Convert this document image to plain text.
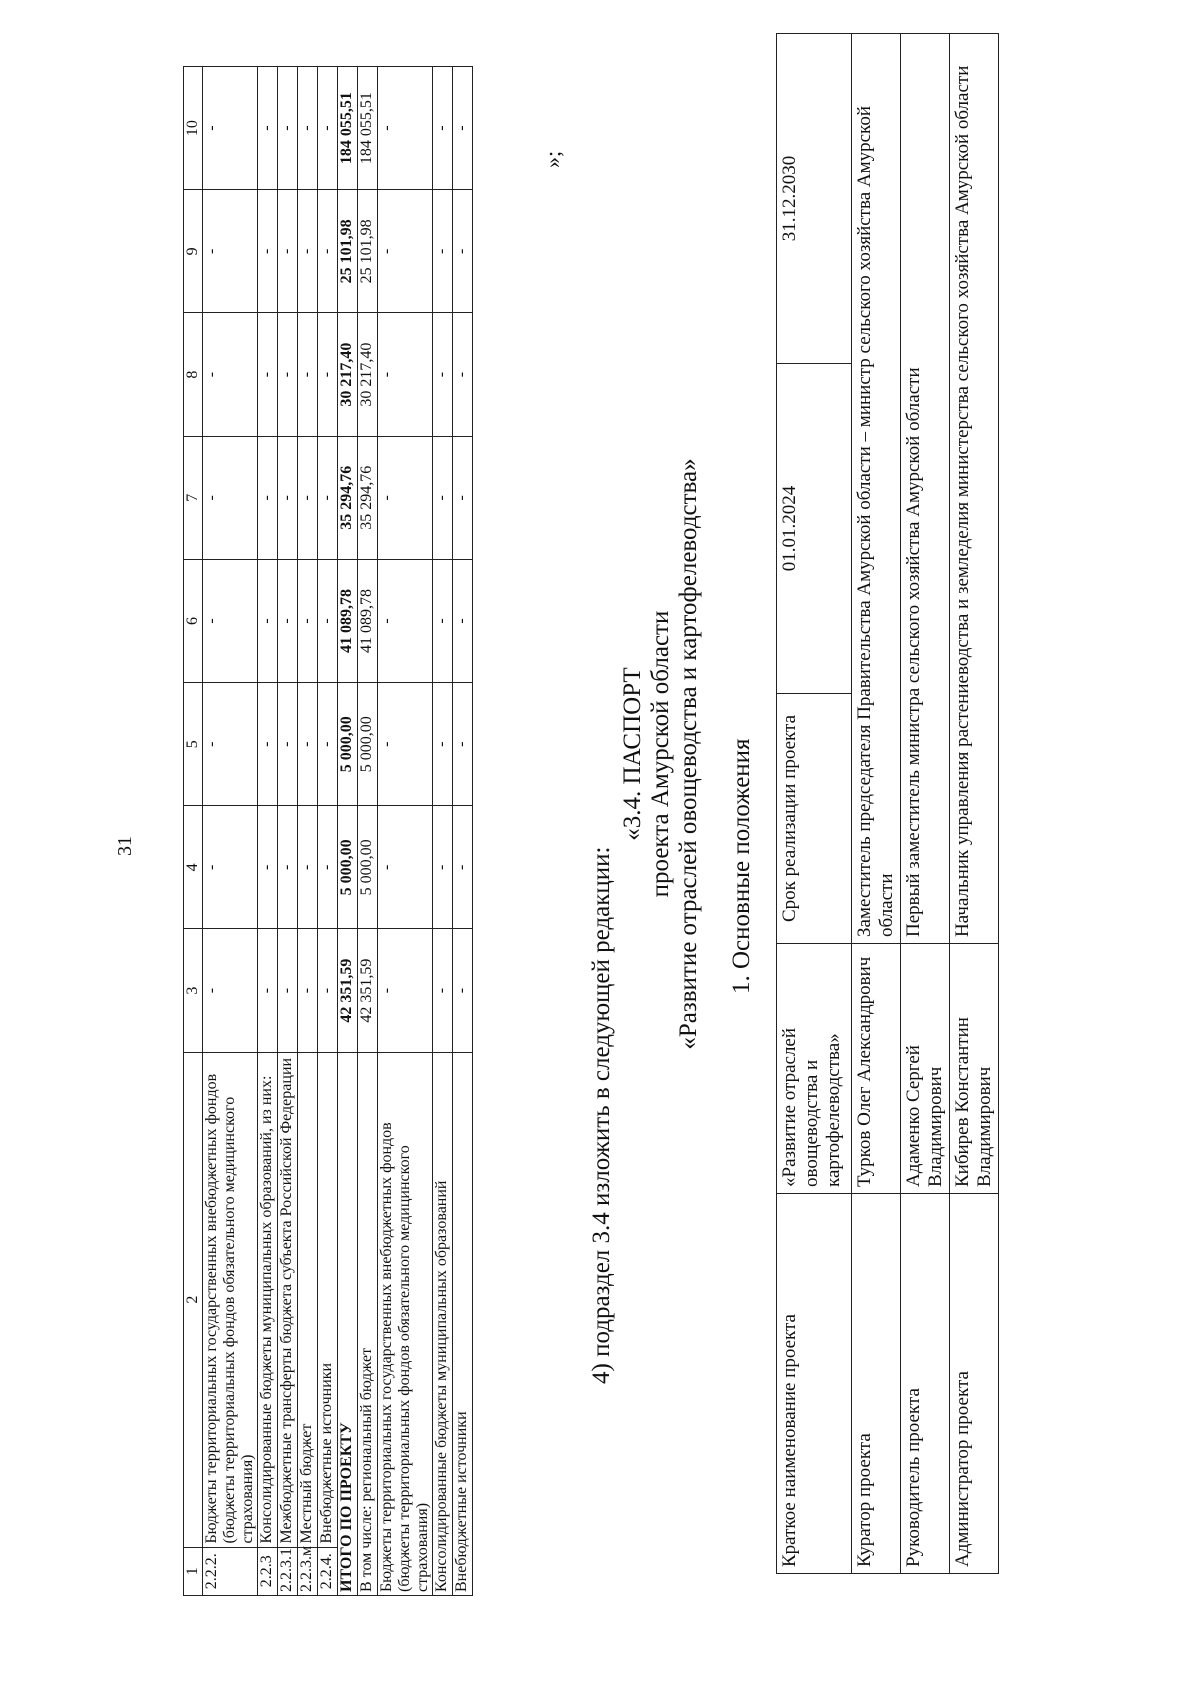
31
1	2	3	4	5	6	7	8	9	10
2.2.2.	Бюджеты территориальных государственных внебюджетных фондов (бюджеты территориальных фондов обязательного медицинского страхования)	-	-	-	-	-	-	-	-
2.2.3	Консолидированные бюджеты муниципальных образований, из них:	-	-	-	-	-	-	-	-
2.2.3.1	Межбюджетные трансферты бюджета субъекта Российской Федерации	-	-	-	-	-	-	-	-
2.2.3.м	Местный бюджет	-	-	-	-	-	-	-	-
2.2.4.	Внебюджетные источники	-	-	-	-	-	-	-	-
ИТОГО ПО ПРОЕКТУ		42 351,59	5 000,00	5 000,00	41 089,78	35 294,76	30 217,40	25 101,98	184 055,51
В том числе: региональный бюджет		42 351,59	5 000,00	5 000,00	41 089,78	35 294,76	30 217,40	25 101,98	184 055,51
Бюджеты территориальных государственных внебюджетных фондов (бюджеты территориальных фондов обязательного медицинского страхования)		-	-	-	-	-	-	-	-
Консолидированные бюджеты муниципальных образований		-	-	-	-	-	-	-	-
Внебюджетные источники		-	-	-	-	-	-	-	-
»;
4) подраздел 3.4 изложить в следующей редакции:
«3.4. ПАСПОРТ проекта Амурской области «Развитие отраслей овощеводства и картофелеводства» 1. Основные положения
Краткое наименование проекта	«Развитие отраслей овощеводства и картофелеводства»	Срок реализации проекта	01.01.2024	31.12.2030
Куратор проекта	Турков Олег Александрович	Заместитель председателя Правительства Амурской области – министр сельского хозяйства Амурской области		
Руководитель проекта	Адаменко Сергей Владимирович	Первый заместитель министра сельского хозяйства Амурской области		
Администратор проекта	Кибирев Константин Владимирович	Начальник управления растениеводства и земледелия министерства сельского хозяйства Амурской области		
